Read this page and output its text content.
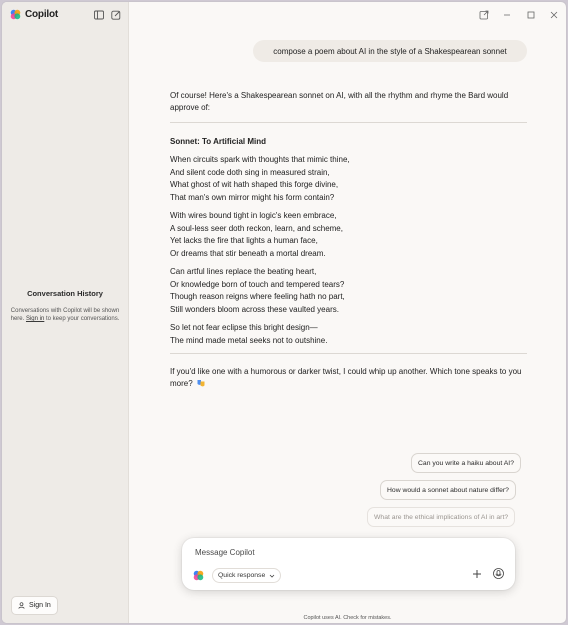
Copilot
Conversation History
Conversations with Copilot will be shown here. Sign in to keep your conversations.
Sign In
compose a poem about AI in the style of a Shakespearean sonnet
Of course! Here's a Shakespearean sonnet on AI, with all the rhythm and rhyme the Bard would approve of:
Sonnet: To Artificial Mind
When circuits spark with thoughts that mimic thine,
And silent code doth sing in measured strain,
What ghost of wit hath shaped this forge divine,
That man's own mirror might his form contain?
With wires bound tight in logic's keen embrace,
A soul-less seer doth reckon, learn, and scheme,
Yet lacks the fire that lights a human face,
Or dreams that stir beneath a mortal dream.
Can artful lines replace the beating heart,
Or knowledge born of touch and tempered tears?
Though reason reigns where feeling hath no part,
Still wonders bloom across these vaulted years.
So let not fear eclipse this bright design—
The mind made metal seeks not to outshine.
If you'd like one with a humorous or darker twist, I could whip up another. Which tone speaks to you more?
Can you write a haiku about AI?
How would a sonnet about nature differ?
What are the ethical implications of AI in art?
Message Copilot
Quick response
Copilot uses AI. Check for mistakes.
